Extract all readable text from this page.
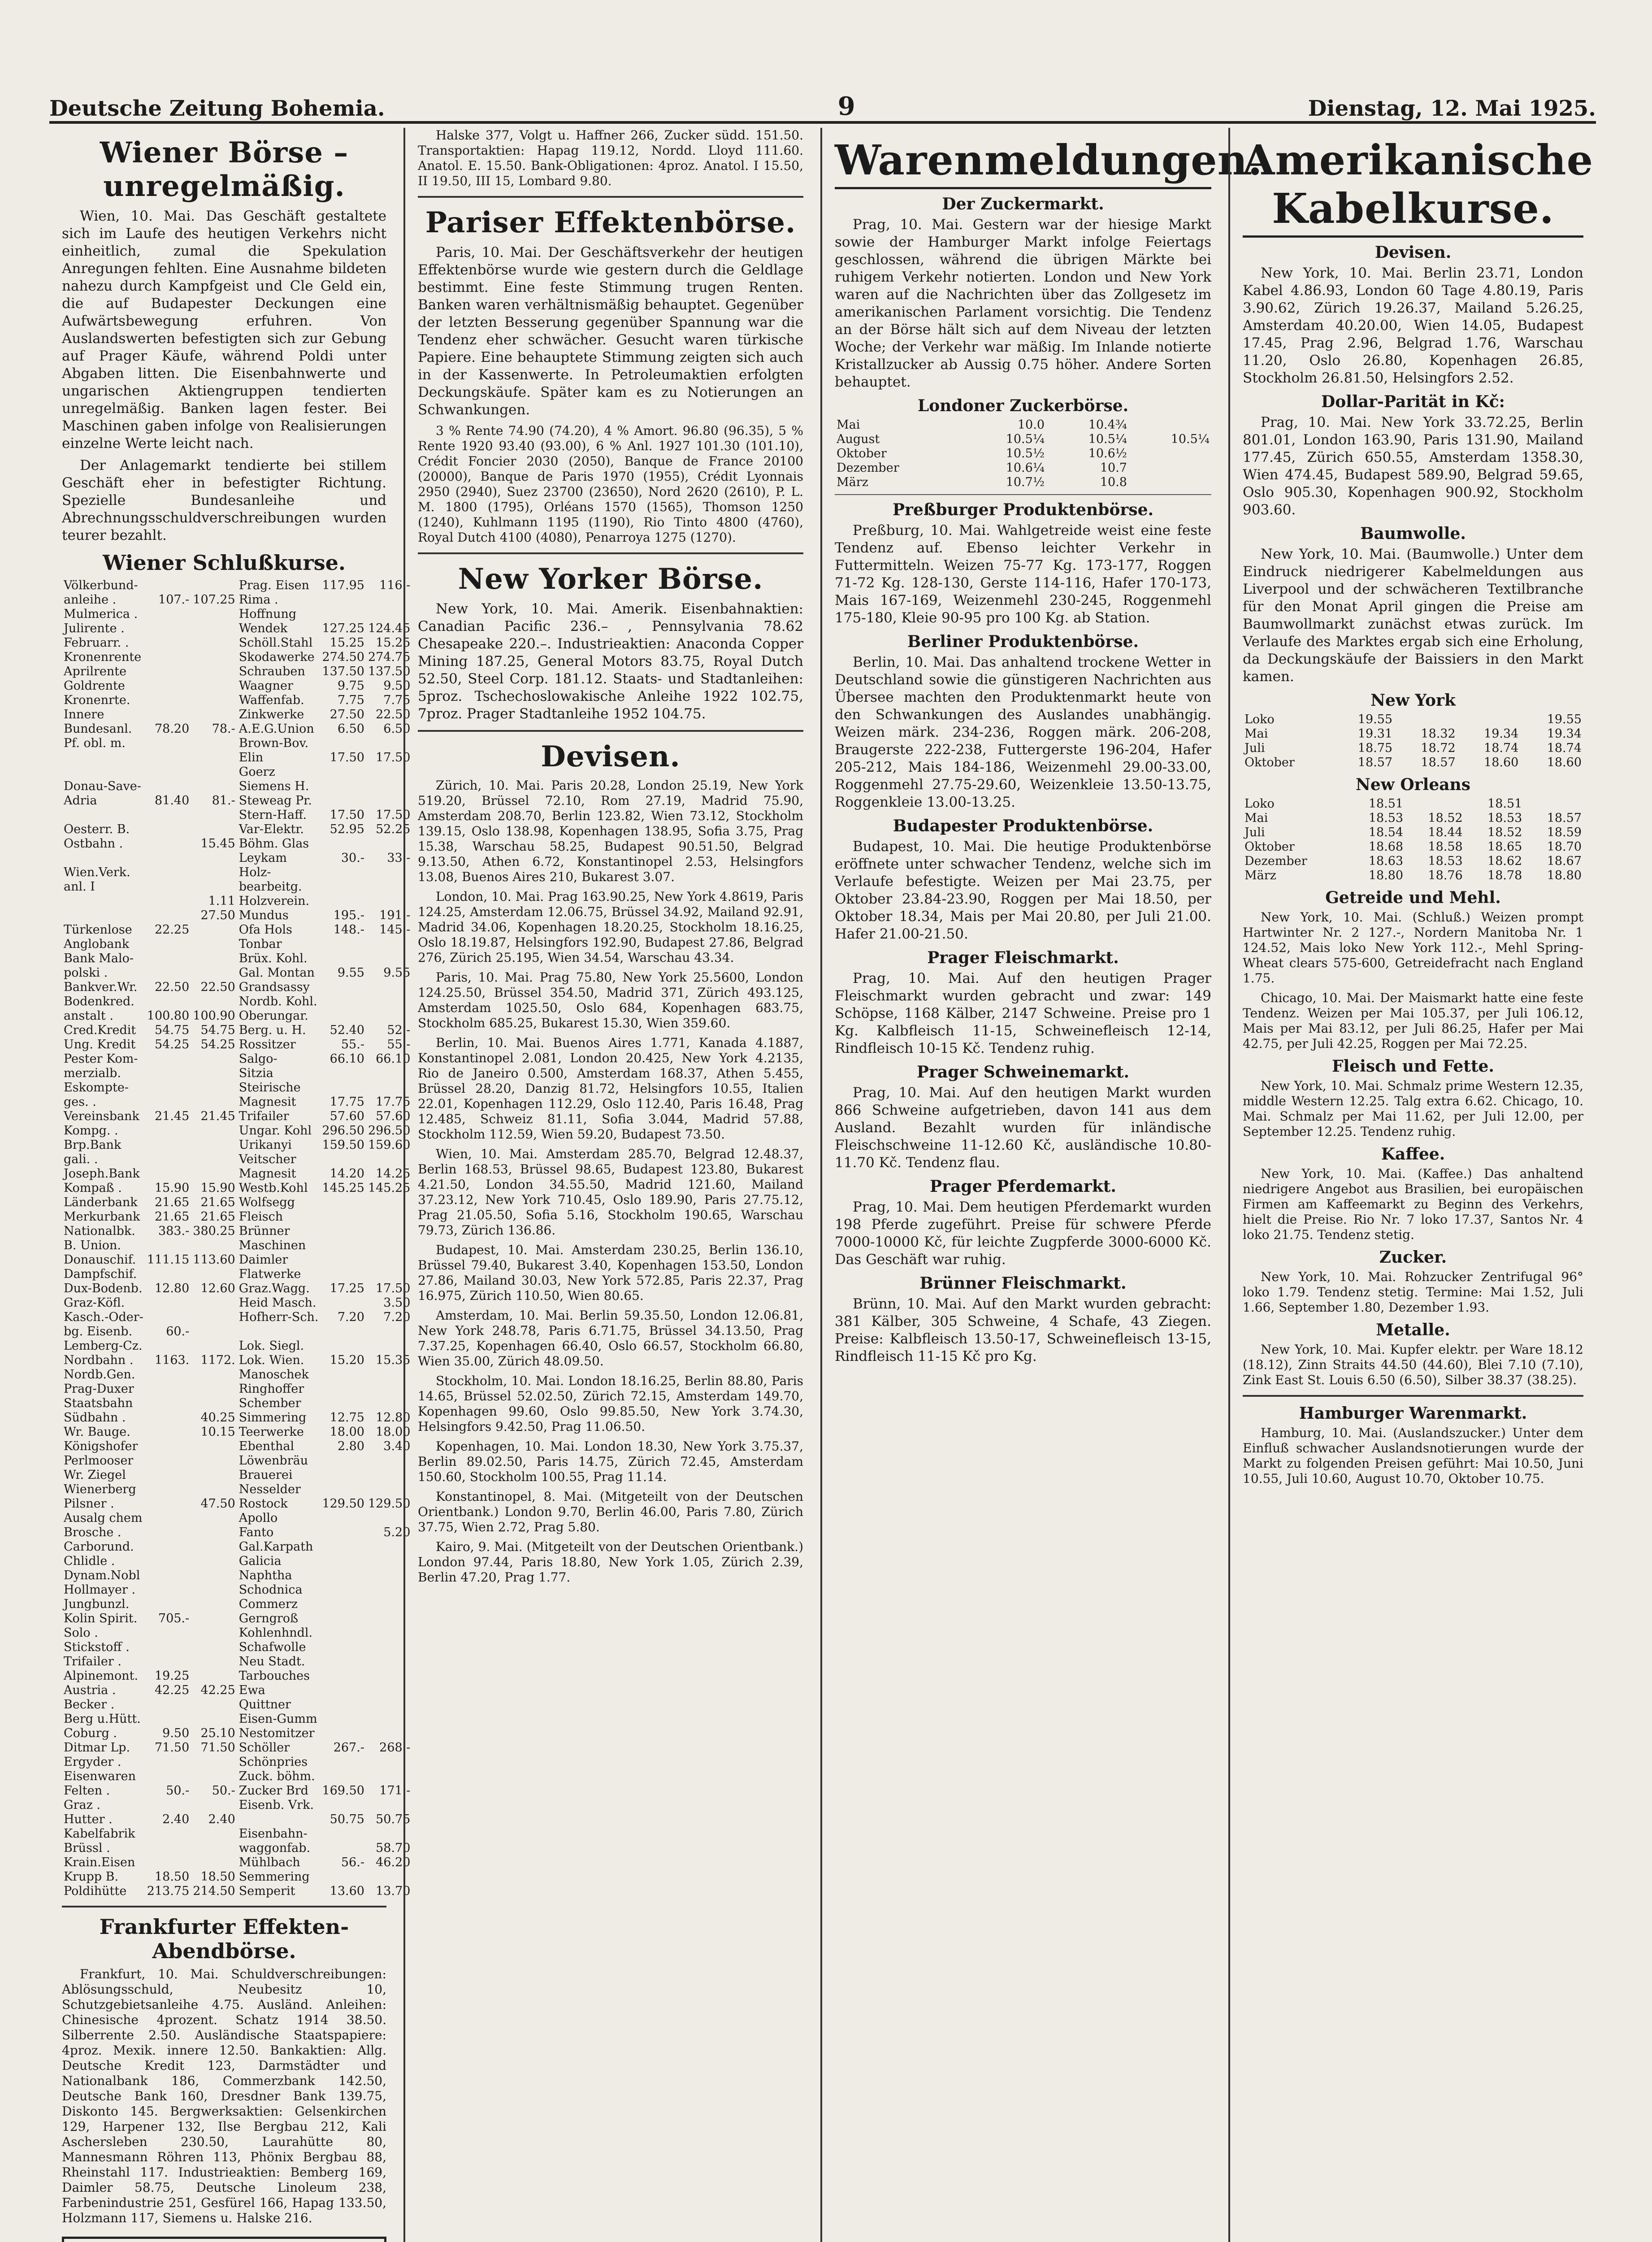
Deutsche Zeitung Bohemia.	9	Dienstag, 12. Mai 1925.
Wiener Börse – unregelmäßig.

Wien, 10. Mai. Das Geschäft gestaltete sich im Laufe des heutigen Verkehrs nicht einheitlich, zumal die Spekulation Anregungen fehlten. Eine Ausnahme bildeten nahezu durch Kampfgeist und Cle Geld ein, die auf Budapester Deckungen eine Aufwärtsbewegung erfuhren. Von Auslandswerten befestigten sich zur Gebung auf Prager Käufe, während Poldi unter Abgaben litten. Die Eisenbahnwerte und ungarischen Aktiengruppen tendierten unregelmäßig. Banken lagen fester. Bei Maschinen gaben infolge von Realisierungen einzelne Werte leicht nach.

Der Anlagemarkt tendierte bei stillem Geschäft eher in befestigter Richtung. Spezielle Bundesanleihe und Abrechnungsschuldverschreibungen wurden teurer bezahlt.

Wiener Schlußkurse.
Völkerbund-			Prag. Eisen	117.95	116.-
anleihe .	107.-	107.25	Rima .		
Mulmerica .			Hoffnung		
Julirente .			Wendek	127.25	124.45
Februarr. .			Schöll.Stahl	15.25	15.25
Kronenrente			Skodawerke	274.50	274.75
Aprilrente			Schrauben	137.50	137.50
Goldrente			Waagner	9.75	9.50
Kronenrte.			Waffenfab.	7.75	7.75
Innere			Zinkwerke	27.50	22.50
Bundesanl.	78.20	78.-	A.E.G.Union	6.50	6.50
Pf. obl. m.			Brown-Bov.		
			Elin	17.50	17.50
			Goerz		
Donau-Save-			Siemens H.		
Adria	81.40	81.-	Steweag Pr.		
			Stern-Haff.	17.50	17.50
Oesterr. B.			Var-Elektr.	52.95	52.25
Ostbahn .		15.45	Böhm. Glas		
			Leykam	30.-	33.-
Wien.Verk.			Holz-		
anl. I			bearbeitg.		
		1.11	Holzverein.		
		27.50	Mundus	195.-	191.-
Türkenlose	22.25		Ofa Hols	148.-	145.-
Anglobank			Tonbar		
Bank Malo-			Brüx. Kohl.		
polski .			Gal. Montan	9.55	9.55
Bankver.Wr.	22.50	22.50	Grandsassy		
Bodenkred.			Nordb. Kohl.		
anstalt .	100.80	100.90	Oberungar.		
Cred.Kredit	54.75	54.75	Berg. u. H.	52.40	52.-
Ung. Kredit	54.25	54.25	Rossitzer	55.-	55.-
Pester Kom-			Salgo-	66.10	66.10
merzialb.			Sitzia		
Eskompte-			Steirische		
ges. .			Magnesit	17.75	17.75
Vereinsbank	21.45	21.45	Trifailer	57.60	57.60
Kompg. .			Ungar. Kohl	296.50	296.50
Brp.Bank			Urikanyi	159.50	159.60
gali. .			Veitscher		
Joseph.Bank			Magnesit	14.20	14.25
Kompaß .	15.90	15.90	Westb.Kohl	145.25	145.25
Länderbank	21.65	21.65	Wolfsegg		
Merkurbank	21.65	21.65	Fleisch		
Nationalbk.	383.-	380.25	Brünner		
B. Union.			Maschinen		
Donauschif.	111.15	113.60	Daimler		
Dampfschif.			Flatwerke		
Dux-Bodenb.	12.80	12.60	Graz.Wagg.	17.25	17.50
Graz-Köfl.			Heid Masch.		3.50
Kasch.-Oder-			Hofherr-Sch.	7.20	7.20
bg. Eisenb.	60.-				
Lemberg-Cz.			Lok. Siegl.		
Nordbahn .	1163.	1172.	Lok. Wien.	15.20	15.35
Nordb.Gen.			Manoschek		
Prag-Duxer			Ringhoffer		
Staatsbahn			Schember		
Südbahn .		40.25	Simmering	12.75	12.80
Wr. Bauge.		10.15	Teerwerke	18.00	18.00
Königshofer			Ebenthal	2.80	3.40
Perlmooser			Löwenbräu		
Wr. Ziegel			Brauerei		
Wienerberg			Nesselder		
Pilsner .		47.50	Rostock	129.50	129.50
Ausalg chem			Apollo		
Brosche .			Fanto		5.20
Carborund.			Gal.Karpath		
Chlidle .			Galicia		
Dynam.Nobl			Naphtha		
Hollmayer .			Schodnica		
Jungbunzl.			Commerz		
Kolin Spirit.	705.-		Gerngroß		
Solo .			Kohlenhndl.		
Stickstoff .			Schafwolle		
Trifailer .			Neu Stadt.		
Alpinemont.	19.25		Tarbouches		
Austria .	42.25	42.25	Ewa		
Becker .			Quittner		
Berg u.Hütt.			Eisen-Gumm		
Coburg .	9.50	25.10	Nestomitzer		
Ditmar Lp.	71.50	71.50	Schöller	267.-	268.-
Ergyder .			Schönpries		
Eisenwaren			Zuck. böhm.		
Felten .	50.-	50.-	Zucker Brd	169.50	171.-
Graz .			Eisenb. Vrk.		
Hutter .	2.40	2.40		50.75	50.75
Kabelfabrik			Eisenbahn-		
Brüssl .			waggonfab.		58.70
Krain.Eisen			Mühlbach	56.-	46.20
Krupp B.	18.50	18.50	Semmering		
Poldihütte	213.75	214.50	Semperit	13.60	13.70
Frankfurter Effekten-Abendbörse.

Frankfurt, 10. Mai. Schuldverschreibungen: Ablösungsschuld, Neubesitz 10, Schutzgebietsanleihe 4.75. Ausländ. Anleihen: Chinesische 4prozent. Schatz 1914 38.50. Silberrente 2.50. Ausländische Staatspapiere: 4proz. Mexik. innere 12.50. Bankaktien: Allg. Deutsche Kredit 123, Darmstädter und Nationalbank 186, Commerzbank 142.50, Deutsche Bank 160, Dresdner Bank 139.75, Diskonto 145. Bergwerksaktien: Gelsenkirchen 129, Harpener 132, Ilse Bergbau 212, Kali Aschersleben 230.50, Laurahütte 80, Mannesmann Röhren 113, Phönix Bergbau 88, Rheinstahl 117. Industrieaktien: Bemberg 169, Daimler 58.75, Deutsche Linoleum 238, Farbenindustrie 251, Gesfürel 166, Hapag 133.50, Holzmann 117, Siemens u. Halske 216.

Halske 377, Volgt u. Haffner 266, Zucker südd. 151.50. Transportaktien: Hapag 119.12, Nordd. Lloyd 111.60. Anatol. E. 15.50. Bank-Obligationen: 4proz. Anatol. I 15.50, II 19.50, III 15, Lombard 9.80.

Pariser Effektenbörse.

Paris, 10. Mai. Der Geschäftsverkehr der heutigen Effektenbörse wurde wie gestern durch die Geldlage bestimmt. Eine feste Stimmung trugen Renten. Banken waren verhältnismäßig behauptet. Gegenüber der letzten Besserung gegenüber Spannung war die Tendenz eher schwächer. Gesucht waren türkische Papiere. Eine behauptete Stimmung zeigten sich auch in der Kassenwerte. In Petroleumaktien erfolgten Deckungskäufe. Später kam es zu Notierungen an Schwankungen.

3 % Rente 74.90 (74.20), 4 % Amort. 96.80 (96.35), 5 % Rente 1920 93.40 (93.00), 6 % Anl. 1927 101.30 (101.10), Crédit Foncier 2030 (2050), Banque de France 20100 (20000), Banque de Paris 1970 (1955), Crédit Lyonnais 2950 (2940), Suez 23700 (23650), Nord 2620 (2610), P. L. M. 1800 (1795), Orléans 1570 (1565), Thomson 1250 (1240), Kuhlmann 1195 (1190), Rio Tinto 4800 (4760), Royal Dutch 4100 (4080), Penarroya 1275 (1270).

New Yorker Börse.

New York, 10. Mai. Amerik. Eisenbahnaktien: Canadian Pacific 236.– , Pennsylvania 78.62 Chesapeake 220.–. Industrieaktien: Anaconda Copper Mining 187.25, General Motors 83.75, Royal Dutch 52.50, Steel Corp. 181.12. Staats- und Stadtanleihen: 5proz. Tschechoslowakische Anleihe 1922 102.75, 7proz. Prager Stadtanleihe 1952 104.75.

Devisen.

Zürich, 10. Mai. Paris 20.28, London 25.19, New York 519.20, Brüssel 72.10, Rom 27.19, Madrid 75.90, Amsterdam 208.70, Berlin 123.82, Wien 73.12, Stockholm 139.15, Oslo 138.98, Kopenhagen 138.95, Sofia 3.75, Prag 15.38, Warschau 58.25, Budapest 90.51.50, Belgrad 9.13.50, Athen 6.72, Konstantinopel 2.53, Helsingfors 13.08, Buenos Aires 210, Bukarest 3.07.

London, 10. Mai. Prag 163.90.25, New York 4.8619, Paris 124.25, Amsterdam 12.06.75, Brüssel 34.92, Mailand 92.91, Madrid 34.06, Kopenhagen 18.20.25, Stockholm 18.16.25, Oslo 18.19.87, Helsingfors 192.90, Budapest 27.86, Belgrad 276, Zürich 25.195, Wien 34.54, Warschau 43.34.

Paris, 10. Mai. Prag 75.80, New York 25.5600, London 124.25.50, Brüssel 354.50, Madrid 371, Zürich 493.125, Amsterdam 1025.50, Oslo 684, Kopenhagen 683.75, Stockholm 685.25, Bukarest 15.30, Wien 359.60.

Berlin, 10. Mai. Buenos Aires 1.771, Kanada 4.1887, Konstantinopel 2.081, London 20.425, New York 4.2135, Rio de Janeiro 0.500, Amsterdam 168.37, Athen 5.455, Brüssel 28.20, Danzig 81.72, Helsingfors 10.55, Italien 22.01, Kopenhagen 112.29, Oslo 112.40, Paris 16.48, Prag 12.485, Schweiz 81.11, Sofia 3.044, Madrid 57.88, Stockholm 112.59, Wien 59.20, Budapest 73.50.

Wien, 10. Mai. Amsterdam 285.70, Belgrad 12.48.37, Berlin 168.53, Brüssel 98.65, Budapest 123.80, Bukarest 4.21.50, London 34.55.50, Madrid 121.60, Mailand 37.23.12, New York 710.45, Oslo 189.90, Paris 27.75.12, Prag 21.05.50, Sofia 5.16, Stockholm 190.65, Warschau 79.73, Zürich 136.86.

Budapest, 10. Mai. Amsterdam 230.25, Berlin 136.10, Brüssel 79.40, Bukarest 3.40, Kopenhagen 153.50, London 27.86, Mailand 30.03, New York 572.85, Paris 22.37, Prag 16.975, Zürich 110.50, Wien 80.65.

Amsterdam, 10. Mai. Berlin 59.35.50, London 12.06.81, New York 248.78, Paris 6.71.75, Brüssel 34.13.50, Prag 7.37.25, Kopenhagen 66.40, Oslo 66.57, Stockholm 66.80, Wien 35.00, Zürich 48.09.50.

Stockholm, 10. Mai. London 18.16.25, Berlin 88.80, Paris 14.65, Brüssel 52.02.50, Zürich 72.15, Amsterdam 149.70, Kopenhagen 99.60, Oslo 99.85.50, New York 3.74.30, Helsingfors 9.42.50, Prag 11.06.50.

Kopenhagen, 10. Mai. London 18.30, New York 3.75.37, Berlin 89.02.50, Paris 14.75, Zürich 72.45, Amsterdam 150.60, Stockholm 100.55, Prag 11.14.

Konstantinopel, 8. Mai. (Mitgeteilt von der Deutschen Orientbank.) London 9.70, Berlin 46.00, Paris 7.80, Zürich 37.75, Wien 2.72, Prag 5.80.

Kairo, 9. Mai. (Mitgeteilt von der Deutschen Orientbank.) London 97.44, Paris 18.80, New York 1.05, Zürich 2.39, Berlin 47.20, Prag 1.77.

Warenmeldungen.
Der Zuckermarkt.

Prag, 10. Mai. Gestern war der hiesige Markt sowie der Hamburger Markt infolge Feiertags geschlossen, während die übrigen Märkte bei ruhigem Verkehr notierten. London und New York waren auf die Nachrichten über das Zollgesetz im amerikanischen Parlament vorsichtig. Die Tendenz an der Börse hält sich auf dem Niveau der letzten Woche; der Verkehr war mäßig. Im Inlande notierte Kristallzucker ab Aussig 0.75 höher. Andere Sorten behauptet.

Londoner Zuckerbörse.
Mai	10.0	10.4¾	
August	10.5¼	10.5¼	10.5¼
Oktober	10.5½	10.6½	
Dezember	10.6¼	10.7	
März	10.7½	10.8	
Preßburger Produktenbörse.

Preßburg, 10. Mai. Wahlgetreide weist eine feste Tendenz auf. Ebenso leichter Verkehr in Futtermitteln. Weizen 75-77 Kg. 173-177, Roggen 71-72 Kg. 128-130, Gerste 114-116, Hafer 170-173, Mais 167-169, Weizenmehl 230-245, Roggenmehl 175-180, Kleie 90-95 pro 100 Kg. ab Station.

Berliner Produktenbörse.

Berlin, 10. Mai. Das anhaltend trockene Wetter in Deutschland sowie die günstigeren Nachrichten aus Übersee machten den Produktenmarkt heute von den Schwankungen des Auslandes unabhängig. Weizen märk. 234-236, Roggen märk. 206-208, Braugerste 222-238, Futtergerste 196-204, Hafer 205-212, Mais 184-186, Weizenmehl 29.00-33.00, Roggenmehl 27.75-29.60, Weizenkleie 13.50-13.75, Roggenkleie 13.00-13.25.

Budapester Produktenbörse.

Budapest, 10. Mai. Die heutige Produktenbörse eröffnete unter schwacher Tendenz, welche sich im Verlaufe befestigte. Weizen per Mai 23.75, per Oktober 23.84-23.90, Roggen per Mai 18.50, per Oktober 18.34, Mais per Mai 20.80, per Juli 21.00. Hafer 21.00-21.50.

Prager Fleischmarkt.

Prag, 10. Mai. Auf den heutigen Prager Fleischmarkt wurden gebracht und zwar: 149 Schöpse, 1168 Kälber, 2147 Schweine. Preise pro 1 Kg. Kalbfleisch 11-15, Schweinefleisch 12-14, Rindfleisch 10-15 Kč. Tendenz ruhig.

Prager Schweinemarkt.

Prag, 10. Mai. Auf den heutigen Markt wurden 866 Schweine aufgetrieben, davon 141 aus dem Ausland. Bezahlt wurden für inländische Fleischschweine 11-12.60 Kč, ausländische 10.80-11.70 Kč. Tendenz flau.

Prager Pferdemarkt.

Prag, 10. Mai. Dem heutigen Pferdemarkt wurden 198 Pferde zugeführt. Preise für schwere Pferde 7000-10000 Kč, für leichte Zugpferde 3000-6000 Kč. Das Geschäft war ruhig.

Brünner Fleischmarkt.

Brünn, 10. Mai. Auf den Markt wurden gebracht: 381 Kälber, 305 Schweine, 4 Schafe, 43 Ziegen. Preise: Kalbfleisch 13.50-17, Schweinefleisch 13-15, Rindfleisch 11-15 Kč pro Kg.

Amerikanische Kabelkurse.
Devisen.

New York, 10. Mai. Berlin 23.71, London Kabel 4.86.93, London 60 Tage 4.80.19, Paris 3.90.62, Zürich 19.26.37, Mailand 5.26.25, Amsterdam 40.20.00, Wien 14.05, Budapest 17.45, Prag 2.96, Belgrad 1.76, Warschau 11.20, Oslo 26.80, Kopenhagen 26.85, Stockholm 26.81.50, Helsingfors 2.52.

Dollar-Parität in Kč:

Prag, 10. Mai. New York 33.72.25, Berlin 801.01, London 163.90, Paris 131.90, Mailand 177.45, Zürich 650.55, Amsterdam 1358.30, Wien 474.45, Budapest 589.90, Belgrad 59.65, Oslo 905.30, Kopenhagen 900.92, Stockholm 903.60.

Baumwolle.

New York, 10. Mai. (Baumwolle.) Unter dem Eindruck niedrigerer Kabelmeldungen aus Liverpool und der schwächeren Textilbranche für den Monat April gingen die Preise am Baumwollmarkt zunächst etwas zurück. Im Verlaufe des Marktes ergab sich eine Erholung, da Deckungskäufe der Baissiers in den Markt kamen.

New York
Loko	19.55			19.55
Mai	19.31	18.32	19.34	19.34
Juli	18.75	18.72	18.74	18.74
Oktober	18.57	18.57	18.60	18.60
New Orleans
Loko	18.51		18.51	
Mai	18.53	18.52	18.53	18.57
Juli	18.54	18.44	18.52	18.59
Oktober	18.68	18.58	18.65	18.70
Dezember	18.63	18.53	18.62	18.67
März	18.80	18.76	18.78	18.80
Getreide und Mehl.

New York, 10. Mai. (Schluß.) Weizen prompt Hartwinter Nr. 2 127.-, Nordern Manitoba Nr. 1 124.52, Mais loko New York 112.-, Mehl Spring-Wheat clears 575-600, Getreidefracht nach England 1.75.

Chicago, 10. Mai. Der Maismarkt hatte eine feste Tendenz. Weizen per Mai 105.37, per Juli 106.12, Mais per Mai 83.12, per Juli 86.25, Hafer per Mai 42.75, per Juli 42.25, Roggen per Mai 72.25.

Fleisch und Fette.

New York, 10. Mai. Schmalz prime Western 12.35, middle Western 12.25. Talg extra 6.62. Chicago, 10. Mai. Schmalz per Mai 11.62, per Juli 12.00, per September 12.25. Tendenz ruhig.

Kaffee.

New York, 10. Mai. (Kaffee.) Das anhaltend niedrigere Angebot aus Brasilien, bei europäischen Firmen am Kaffeemarkt zu Beginn des Verkehrs, hielt die Preise. Rio Nr. 7 loko 17.37, Santos Nr. 4 loko 21.75. Tendenz stetig.

Zucker.

New York, 10. Mai. Rohzucker Zentrifugal 96° loko 1.79. Tendenz stetig. Termine: Mai 1.52, Juli 1.66, September 1.80, Dezember 1.93.

Metalle.

New York, 10. Mai. Kupfer elektr. per Ware 18.12 (18.12), Zinn Straits 44.50 (44.60), Blei 7.10 (7.10), Zink East St. Louis 6.50 (6.50), Silber 38.37 (38.25).

Hamburger Warenmarkt.

Hamburg, 10. Mai. (Auslandszucker.) Unter dem Einfluß schwacher Auslandsnotierungen wurde der Markt zu folgenden Preisen geführt: Mai 10.50, Juni 10.55, Juli 10.60, August 10.70, Oktober 10.75.
